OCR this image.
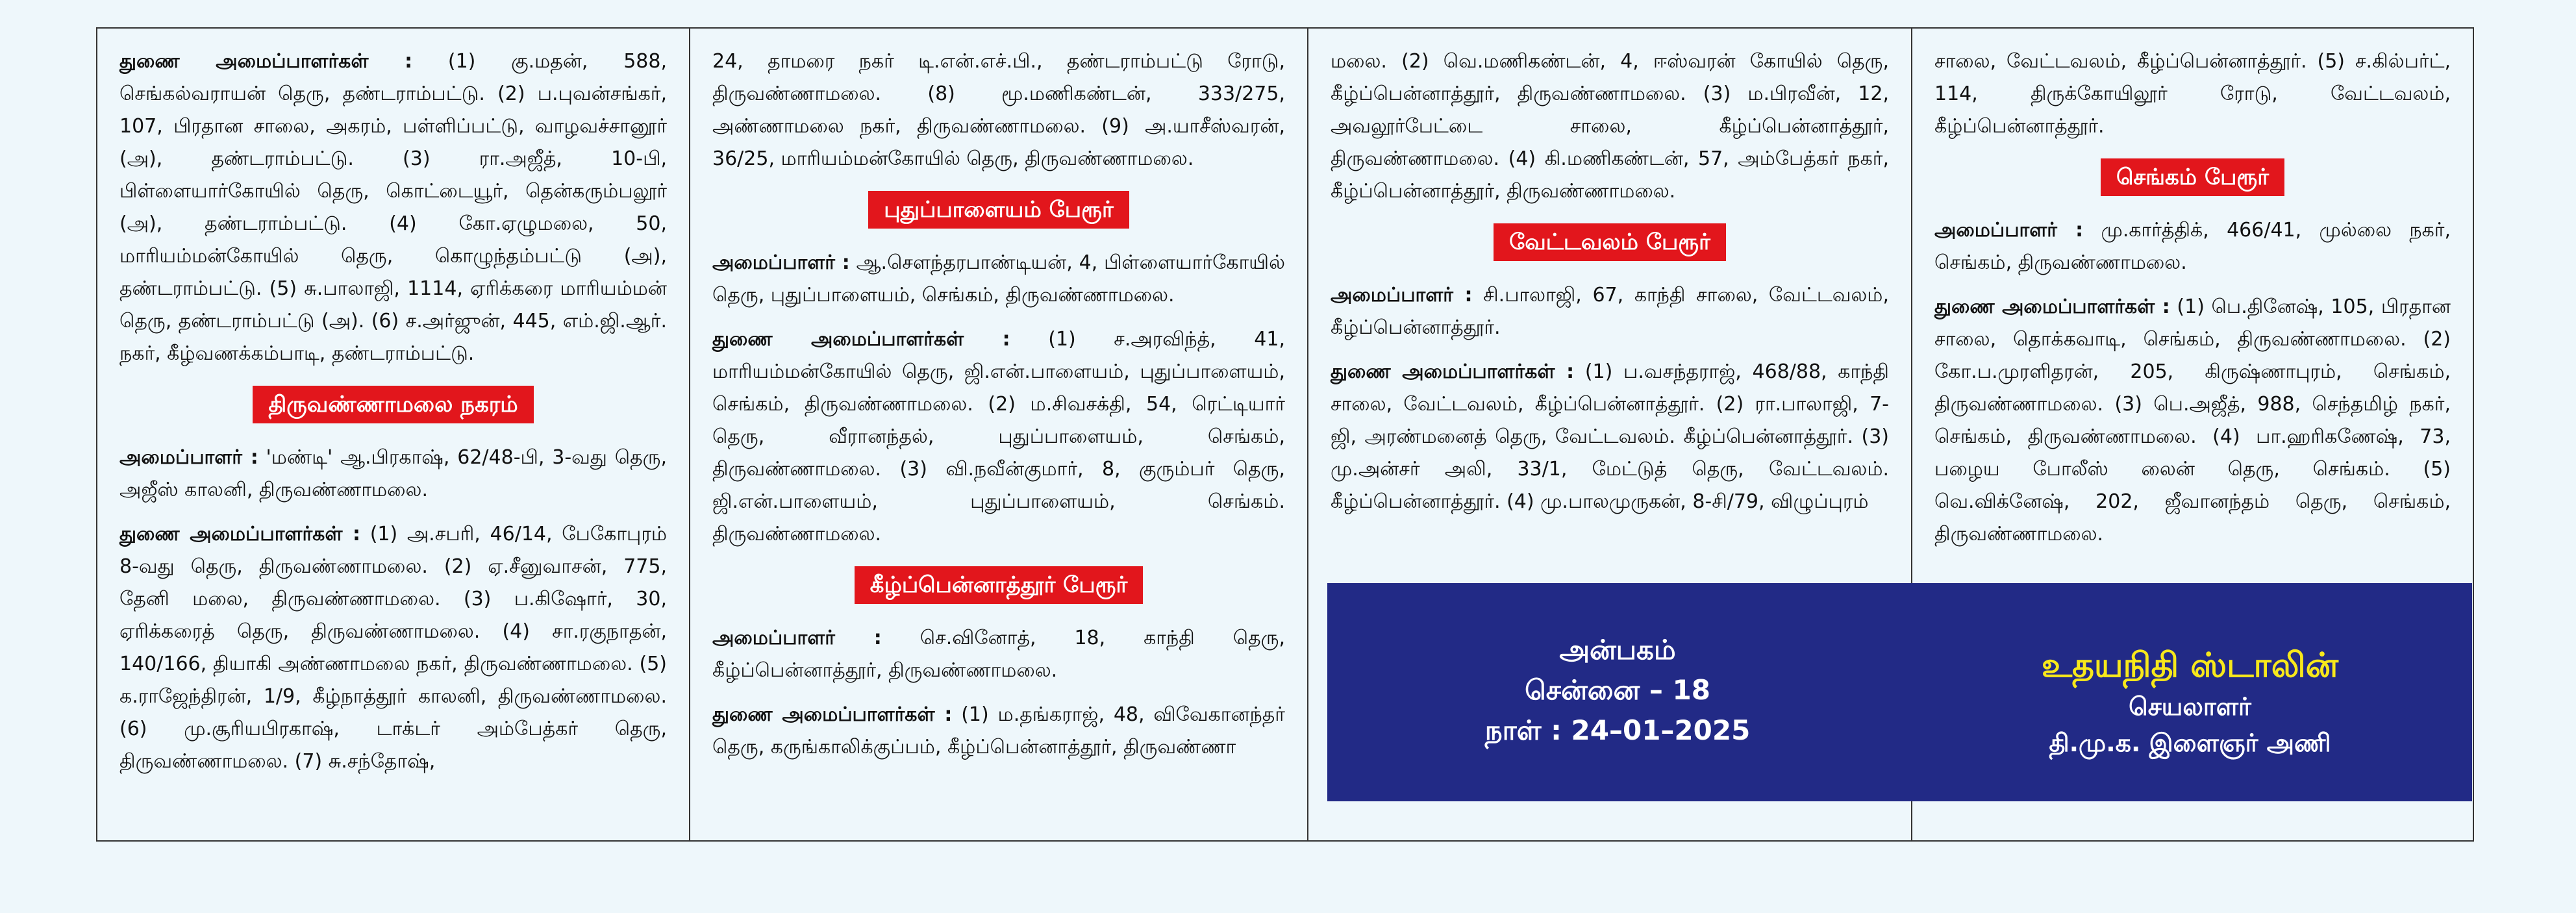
துணை அமைப்பாளர்கள் : (1) கு.மதன், 588, செங்கல்வராயன் தெரு, தண்டராம்பட்டு. (2) ப.புவன்சங்கர், 107, பிரதான சாலை, அகரம், பள்ளிப்பட்டு, வாழவச்சானூர் (அ), தண்டராம்பட்டு. (3) ரா.அஜீத், 10-பி, பிள்ளையார்கோயில் தெரு, கொட்டையூர், தென்கரும்பலூர் (அ), தண்டராம்பட்டு. (4) கோ.ஏழுமலை, 50, மாரியம்மன்கோயில் தெரு, கொழுந்தம்பட்டு (அ), தண்டராம்பட்டு. (5) சு.பாலாஜி, 1114, ஏரிக்கரை மாரியம்மன் தெரு, தண்டராம்பட்டு (அ). (6) ச.அர்ஜுன், 445, எம்.ஜி.ஆர். நகர், கீழ்வணக்கம்பாடி, தண்டராம்பட்டு.

திருவண்ணாமலை நகரம்

அமைப்பாளர் : 'மண்டி' ஆ.பிரகாஷ், 62/48-பி, 3-வது தெரு, அஜீஸ் காலனி, திருவண்ணாமலை.

துணை அமைப்பாளர்கள் : (1) அ.சபரி, 46/14, பேகோபுரம் 8-வது தெரு, திருவண்ணாமலை. (2) ஏ.சீனுவாசன், 775, தேனி மலை, திருவண்ணாமலை. (3) ப.கிஷோர், 30, ஏரிக்கரைத் தெரு, திருவண்ணாமலை. (4) சா.ரகுநாதன், 140/166, தியாகி அண்ணாமலை நகர், திருவண்ணாமலை. (5) க.ராஜேந்திரன், 1/9, கீழ்நாத்தூர் காலனி, திருவண்ணாமலை. (6) மு.சூரியபிரகாஷ், டாக்டர் அம்பேத்கர் தெரு, திருவண்ணாமலை. (7) சு.சந்தோஷ்,

24, தாமரை நகர் டி.என்.எச்.பி., தண்டராம்பட்டு ரோடு, திருவண்ணாமலை. (8) மூ.மணிகண்டன், 333/275, அண்ணாமலை நகர், திருவண்ணாமலை. (9) அ.யாசீஸ்வரன், 36/25, மாரியம்மன்கோயில் தெரு, திருவண்ணாமலை.

புதுப்பாளையம் பேரூர்

அமைப்பாளர் : ஆ.சௌந்தரபாண்டியன், 4, பிள்ளையார்கோயில் தெரு, புதுப்பாளையம், செங்கம், திருவண்ணாமலை.

துணை அமைப்பாளர்கள் : (1) ச.அரவிந்த், 41, மாரியம்மன்கோயில் தெரு, ஜி.என்.பாளையம், புதுப்பாளையம், செங்கம், திருவண்ணாமலை. (2) ம.சிவசக்தி, 54, ரெட்டியார் தெரு, வீரானந்தல், புதுப்பாளையம், செங்கம், திருவண்ணாமலை. (3) வி.நவீன்குமார், 8, குரும்பர் தெரு, ஜி.என்.பாளையம், புதுப்பாளையம், செங்கம். திருவண்ணாமலை.

கீழ்ப்பென்னாத்தூர் பேரூர்

அமைப்பாளர் : செ.வினோத், 18, காந்தி தெரு, கீழ்ப்பென்னாத்தூர், திருவண்ணாமலை.

துணை அமைப்பாளர்கள் : (1) ம.தங்கராஜ், 48, விவேகானந்தர் தெரு, கருங்காலிக்குப்பம், கீழ்ப்பென்னாத்தூர், திருவண்ணா

மலை. (2) வெ.மணிகண்டன், 4, ஈஸ்வரன் கோயில் தெரு, கீழ்ப்பென்னாத்தூர், திருவண்ணாமலை. (3) ம.பிரவீன், 12, அவலூர்பேட்டை சாலை, கீழ்ப்பென்னாத்தூர், திருவண்ணாமலை. (4) கி.மணிகண்டன், 57, அம்பேத்கர் நகர், கீழ்ப்பென்னாத்தூர், திருவண்ணாமலை.

வேட்டவலம் பேரூர்

அமைப்பாளர் : சி.பாலாஜி, 67, காந்தி சாலை, வேட்டவலம், கீழ்ப்பென்னாத்தூர்.

துணை அமைப்பாளர்கள் : (1) ப.வசந்தராஜ், 468/88, காந்தி சாலை, வேட்டவலம், கீழ்ப்பென்னாத்தூர். (2) ரா.பாலாஜி, 7-ஜி, அரண்மனைத் தெரு, வேட்டவலம். கீழ்ப்பென்னாத்தூர். (3) மு.அன்சர் அலி, 33/1, மேட்டுத் தெரு, வேட்டவலம். கீழ்ப்பென்னாத்தூர். (4) மு.பாலமுருகன், 8-சி/79, விழுப்புரம்

சாலை, வேட்டவலம், கீழ்ப்பென்னாத்தூர். (5) ச.கில்பர்ட், 114, திருக்கோயிலூர் ரோடு, வேட்டவலம், கீழ்ப்பென்னாத்தூர்.

செங்கம் பேரூர்

அமைப்பாளர் : மு.கார்த்திக், 466/41, முல்லை நகர், செங்கம், திருவண்ணாமலை.

துணை அமைப்பாளர்கள் : (1) பெ.தினேஷ், 105, பிரதான சாலை, தொக்கவாடி, செங்கம், திருவண்ணாமலை. (2) கோ.ப.முரளிதரன், 205, கிருஷ்ணாபுரம், செங்கம், திருவண்ணாமலை. (3) பெ.அஜீத், 988, செந்தமிழ் நகர், செங்கம், திருவண்ணாமலை. (4) பா.ஹரிகணேஷ், 73, பழைய போலீஸ் லைன் தெரு, செங்கம். (5) வெ.விக்னேஷ், 202, ஜீவானந்தம் தெரு, செங்கம், திருவண்ணாமலை.

அன்பகம்
சென்னை – 18
நாள் : 24–01–2025
உதயநிதி ஸ்டாலின்
செயலாளர்
தி.மு.க. இளைஞர் அணி
